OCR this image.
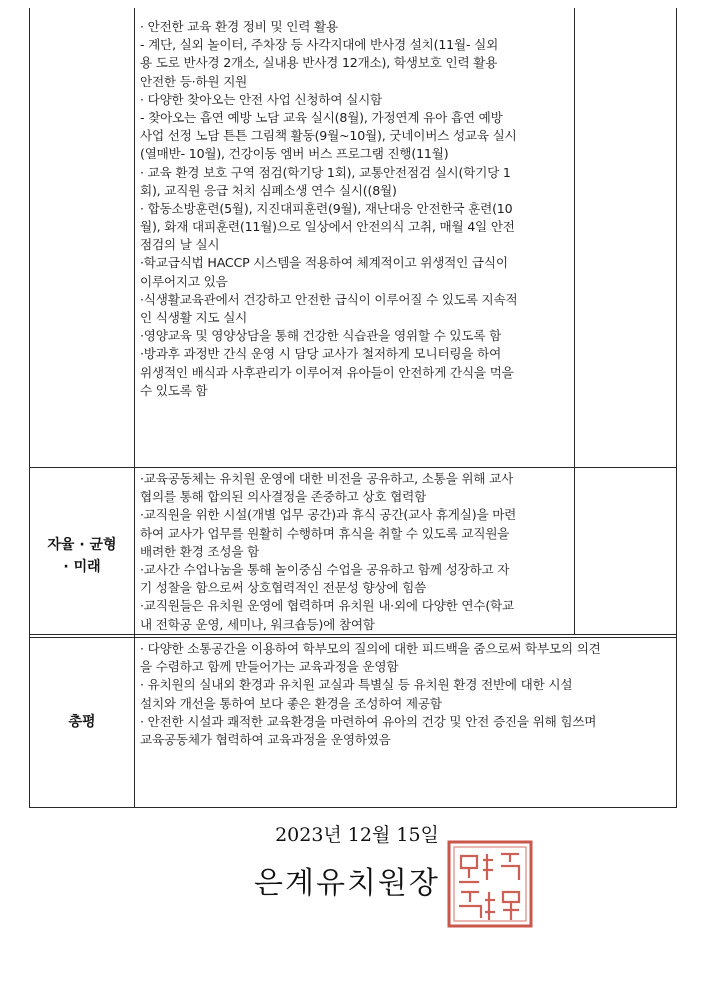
· 안전한 교육 환경 정비 및 인력 활용
- 계단, 실외 놀이터, 주차장 등 사각지대에 반사경 설치(11월- 실외
용 도로 반사경 2개소, 실내용 반사경 12개소), 학생보호 인력 활용
안전한 등·하원 지원
· 다양한 찾아오는 안전 사업 신청하여 실시함
- 찾아오는 흡연 예방 노담 교육 실시(8월), 가정연계 유아 흡연 예방
사업 선정 노담 튼튼 그림책 활동(9월~10월), 굿네이버스 성교육 실시
(열매반- 10월), 건강이동 엠버 버스 프로그램 진행(11월)
· 교육 환경 보호 구역 점검(학기당 1회), 교통안전점검 실시(학기당 1
회), 교직원 응급 처치 심폐소생 연수 실시((8월)
· 합동소방훈련(5월), 지진대피훈련(9월), 재난대응 안전한국 훈련(10
월), 화재 대피훈련(11월)으로 일상에서 안전의식 고취, 매월 4일 안전
점검의 날 실시
·학교급식법 HACCP 시스템을 적용하여 체계적이고 위생적인 급식이
이루어지고 있음
·식생활교육관에서 건강하고 안전한 급식이 이루어질 수 있도록 지속적
인 식생활 지도 실시
·영양교육 및 영양상담을 통해 건강한 식습관을 영위할 수 있도록 함
·방과후 과정반 간식 운영 시 담당 교사가 철저하게 모니터링을 하여
위생적인 배식과 사후관리가 이루어져 유아들이 안전하게 간식을 먹을
수 있도록 함
자율 · 균형
· 미래
·교육공동체는 유치원 운영에 대한 비전을 공유하고, 소통을 위해 교사
협의를 통해 합의된 의사결정을 존중하고 상호 협력함
·교직원을 위한 시설(개별 업무 공간)과 휴식 공간(교사 휴게실)을 마련
하여 교사가 업무를 원활히 수행하며 휴식을 취할 수 있도록 교직원을
배려한 환경 조성을 함
·교사간 수업나눔을 통해 놀이중심 수업을 공유하고 함께 성장하고 자
기 성찰을 함으로써 상호협력적인 전문성 향상에 힘씀
·교직원들은 유치원 운영에 협력하며 유치원 내·외에 다양한 연수(학교
내 전학공 운영, 세미나, 워크숍등)에 참여함
총평
· 다양한 소통공간을 이용하여 학부모의 질의에 대한 피드백을 줌으로써 학부모의 의견
을 수렴하고 함께 만들어가는 교육과정을 운영함
· 유치원의 실내외 환경과 유치원 교실과 특별실 등 유치원 환경 전반에 대한 시설
설치와 개선을 통하여 보다 좋은 환경을 조성하여 제공함
· 안전한 시설과 쾌적한 교육환경을 마련하여 유아의 건강 및 안전 증진을 위해 힘쓰며
교육공동체가 협력하여 교육과정을 운영하였음
2023년 12월 15일
은계유치원장
